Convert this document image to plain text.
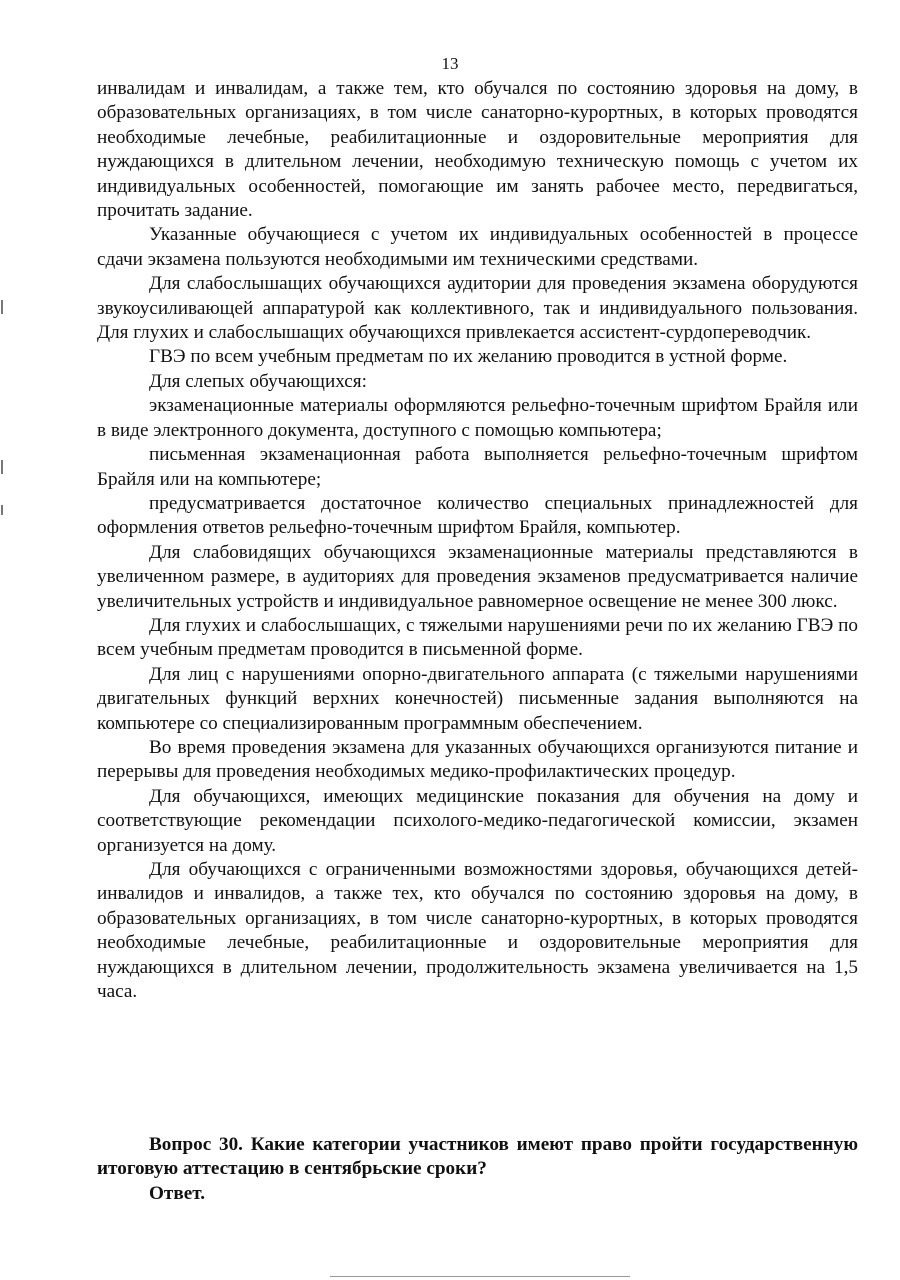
13

инвалидам и инвалидам, а также тем, кто обучался по состоянию здоровья на дому, в образовательных организациях, в том числе санаторно-курортных, в которых проводятся необходимые лечебные, реабилитационные и оздоровительные мероприятия для нуждающихся в длительном лечении, необходимую техническую помощь с учетом их индивидуальных особенностей, помогающие им занять рабочее место, передвигаться, прочитать задание.

Указанные обучающиеся с учетом их индивидуальных особенностей в процессе сдачи экзамена пользуются необходимыми им техническими средствами.

Для слабослышащих обучающихся аудитории для проведения экзамена оборудуются звукоусиливающей аппаратурой как коллективного, так и индивидуального пользования. Для глухих и слабослышащих обучающихся привлекается ассистент-сурдопереводчик.

ГВЭ по всем учебным предметам по их желанию проводится в устной форме.

Для слепых обучающихся:

экзаменационные материалы оформляются рельефно-точечным шрифтом Брайля или в виде электронного документа, доступного с помощью компьютера;

письменная экзаменационная работа выполняется рельефно-точечным шрифтом Брайля или на компьютере;

предусматривается достаточное количество специальных принадлежностей для оформления ответов рельефно-точечным шрифтом Брайля, компьютер.

Для слабовидящих обучающихся экзаменационные материалы представляются в увеличенном размере, в аудиториях для проведения экзаменов предусматривается наличие увеличительных устройств и индивидуальное равномерное освещение не менее 300 люкс.

Для глухих и слабослышащих, с тяжелыми нарушениями речи по их желанию ГВЭ по всем учебным предметам проводится в письменной форме.

Для лиц с нарушениями опорно-двигательного аппарата (с тяжелыми нарушениями двигательных функций верхних конечностей) письменные задания выполняются на компьютере со специализированным программным обеспечением.

Во время проведения экзамена для указанных обучающихся организуются питание и перерывы для проведения необходимых медико-профилактических процедур.

Для обучающихся, имеющих медицинские показания для обучения на дому и соответствующие рекомендации психолого-медико-педагогической комиссии, экзамен организуется на дому.

Для обучающихся с ограниченными возможностями здоровья, обучающихся детей-инвалидов и инвалидов, а также тех, кто обучался по состоянию здоровья на дому, в образовательных организациях, в том числе санаторно-курортных, в которых проводятся необходимые лечебные, реабилитационные и оздоровительные мероприятия для нуждающихся в длительном лечении, продолжительность экзамена увеличивается на 1,5 часа.

Вопрос 30. Какие категории участников имеют право пройти государственную итоговую аттестацию в сентябрьские сроки?

Ответ.
